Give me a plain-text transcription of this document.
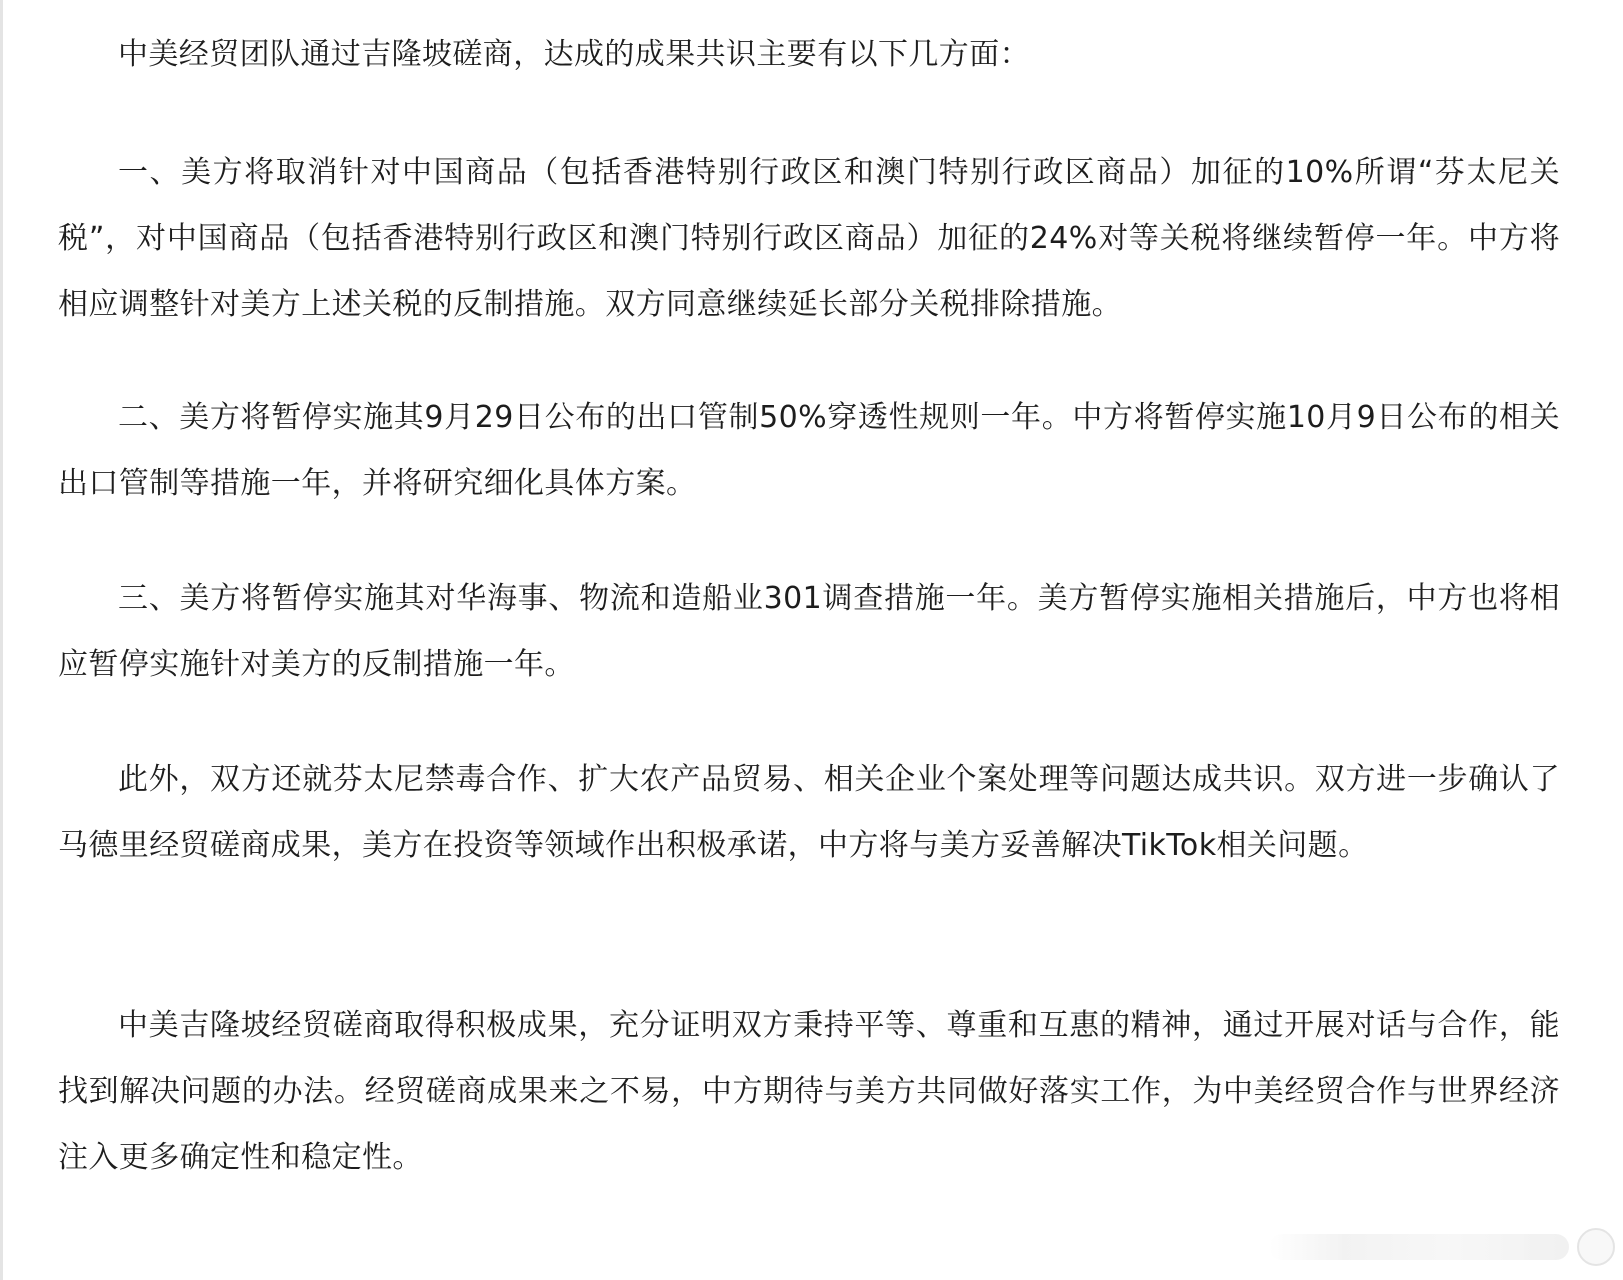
中美经贸团队通过吉隆坡磋商，达成的成果共识主要有以下几方面：

一、美方将取消针对中国商品（包括香港特别行政区和澳门特别行政区商品）加征的10%所谓“芬太尼关税”，对中国商品（包括香港特别行政区和澳门特别行政区商品）加征的24%对等关税将继续暂停一年。中方将相应调整针对美方上述关税的反制措施。双方同意继续延长部分关税排除措施。

二、美方将暂停实施其9月29日公布的出口管制50%穿透性规则一年。中方将暂停实施10月9日公布的相关出口管制等措施一年，并将研究细化具体方案。

三、美方将暂停实施其对华海事、物流和造船业301调查措施一年。美方暂停实施相关措施后，中方也将相应暂停实施针对美方的反制措施一年。

此外，双方还就芬太尼禁毒合作、扩大农产品贸易、相关企业个案处理等问题达成共识。双方进一步确认了马德里经贸磋商成果，美方在投资等领域作出积极承诺，中方将与美方妥善解决TikTok相关问题。

中美吉隆坡经贸磋商取得积极成果，充分证明双方秉持平等、尊重和互惠的精神，通过开展对话与合作，能找到解决问题的办法。经贸磋商成果来之不易，中方期待与美方共同做好落实工作，为中美经贸合作与世界经济注入更多确定性和稳定性。
